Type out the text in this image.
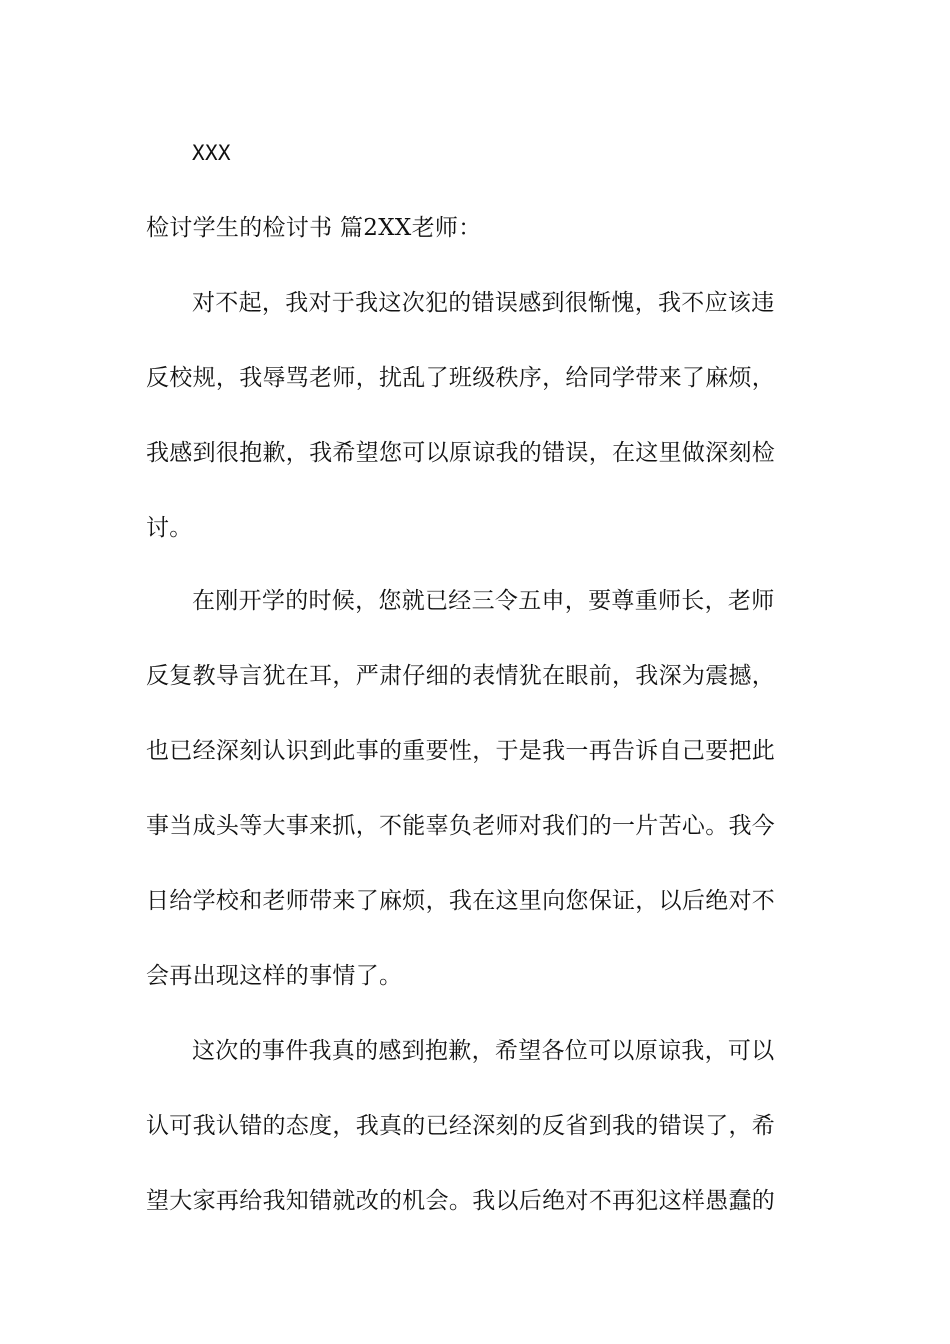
XXX
检讨学生的检讨书 篇2XX老师：
对不起，我对于我这次犯的错误感到很惭愧，我不应该违
反校规，我辱骂老师，扰乱了班级秩序，给同学带来了麻烦，
我感到很抱歉，我希望您可以原谅我的错误，在这里做深刻检
讨。
在刚开学的时候，您就已经三令五申，要尊重师长，老师
反复教导言犹在耳，严肃仔细的表情犹在眼前，我深为震撼，
也已经深刻认识到此事的重要性，于是我一再告诉自己要把此
事当成头等大事来抓，不能辜负老师对我们的一片苦心。我今
日给学校和老师带来了麻烦，我在这里向您保证，以后绝对不
会再出现这样的事情了。
这次的事件我真的感到抱歉，希望各位可以原谅我，可以
认可我认错的态度，我真的已经深刻的反省到我的错误了，希
望大家再给我知错就改的机会。我以后绝对不再犯这样愚蠢的
